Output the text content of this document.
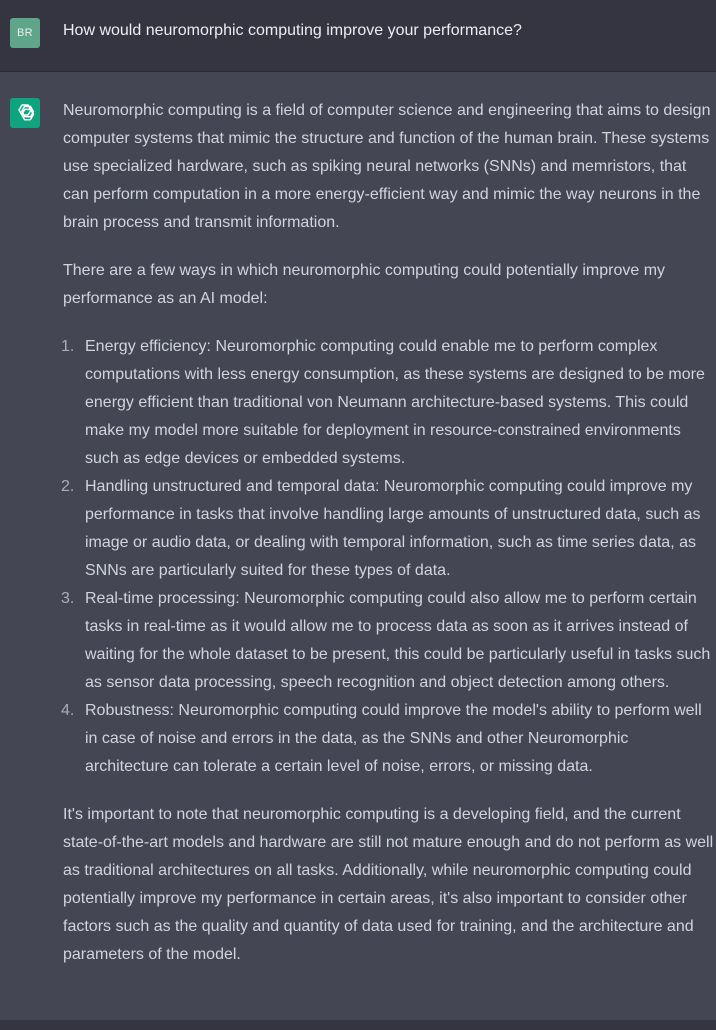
BR	How would neuromorphic computing improve your performance?

Neuromorphic computing is a field of computer science and engineering that aims to design computer systems that mimic the structure and function of the human brain. These systems use specialized hardware, such as spiking neural networks (SNNs) and memristors, that can perform computation in a more energy-efficient way and mimic the way neurons in the brain process and transmit information.

There are a few ways in which neuromorphic computing could potentially improve my performance as an AI model:

1. Energy efficiency: Neuromorphic computing could enable me to perform complex computations with less energy consumption, as these systems are designed to be more energy efficient than traditional von Neumann architecture-based systems. This could make my model more suitable for deployment in resource-constrained environments such as edge devices or embedded systems.
2. Handling unstructured and temporal data: Neuromorphic computing could improve my performance in tasks that involve handling large amounts of unstructured data, such as image or audio data, or dealing with temporal information, such as time series data, as SNNs are particularly suited for these types of data.
3. Real-time processing: Neuromorphic computing could also allow me to perform certain tasks in real-time as it would allow me to process data as soon as it arrives instead of waiting for the whole dataset to be present, this could be particularly useful in tasks such as sensor data processing, speech recognition and object detection among others.
4. Robustness: Neuromorphic computing could improve the model's ability to perform well in case of noise and errors in the data, as the SNNs and other Neuromorphic architecture can tolerate a certain level of noise, errors, or missing data.

It's important to note that neuromorphic computing is a developing field, and the current state-of-the-art models and hardware are still not mature enough and do not perform as well as traditional architectures on all tasks. Additionally, while neuromorphic computing could potentially improve my performance in certain areas, it's also important to consider other factors such as the quality and quantity of data used for training, and the architecture and parameters of the model.
